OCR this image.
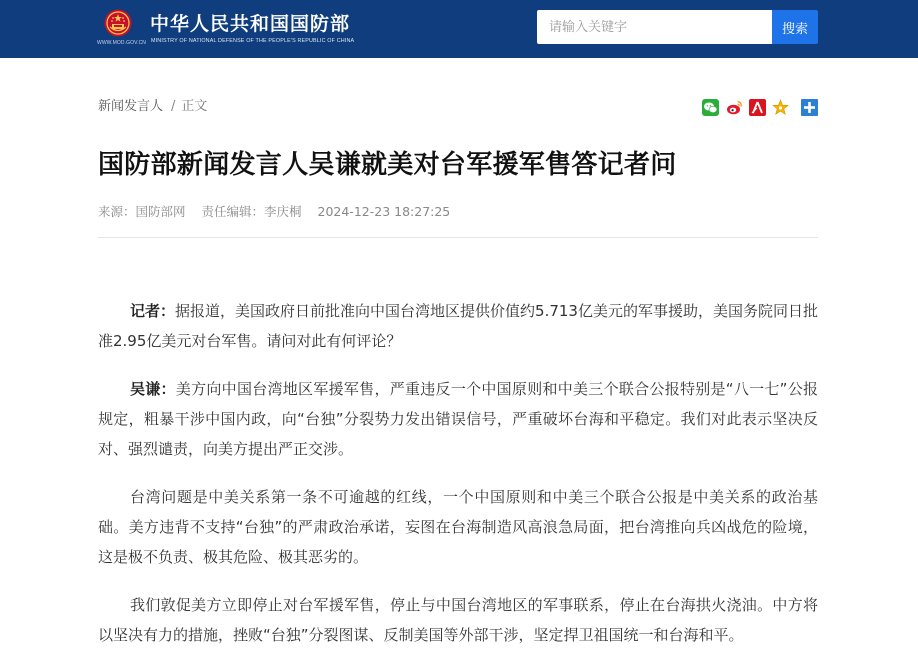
WWW.MOD.GOV.CN
中华人民共和国国防部
MINISTRY OF NATIONAL DEFENSE OF THE PEOPLE'S REPUBLIC OF CHINA
请输入关键字
搜索
新闻发言人 / 正文
国防部新闻发言人吴谦就美对台军援军售答记者问
来源：国防部网 责任编辑：李庆桐 2024-12-23 18:27:25

记者：据报道，美国政府日前批准向中国台湾地区提供价值约5.713亿美元的军事援助，美国务院同日批准2.95亿美元对台军售。请问对此有何评论？

吴谦：美方向中国台湾地区军援军售，严重违反一个中国原则和中美三个联合公报特别是“八一七”公报规定，粗暴干涉中国内政，向“台独”分裂势力发出错误信号，严重破坏台海和平稳定。我们对此表示坚决反对、强烈谴责，向美方提出严正交涉。

台湾问题是中美关系第一条不可逾越的红线，一个中国原则和中美三个联合公报是中美关系的政治基础。美方违背不支持“台独”的严肃政治承诺，妄图在台海制造风高浪急局面，把台湾推向兵凶战危的险境，这是极不负责、极其危险、极其恶劣的。

我们敦促美方立即停止对台军援军售，停止与中国台湾地区的军事联系，停止在台海拱火浇油。中方将以坚决有力的措施，挫败“台独”分裂图谋、反制美国等外部干涉，坚定捍卫祖国统一和台海和平。
